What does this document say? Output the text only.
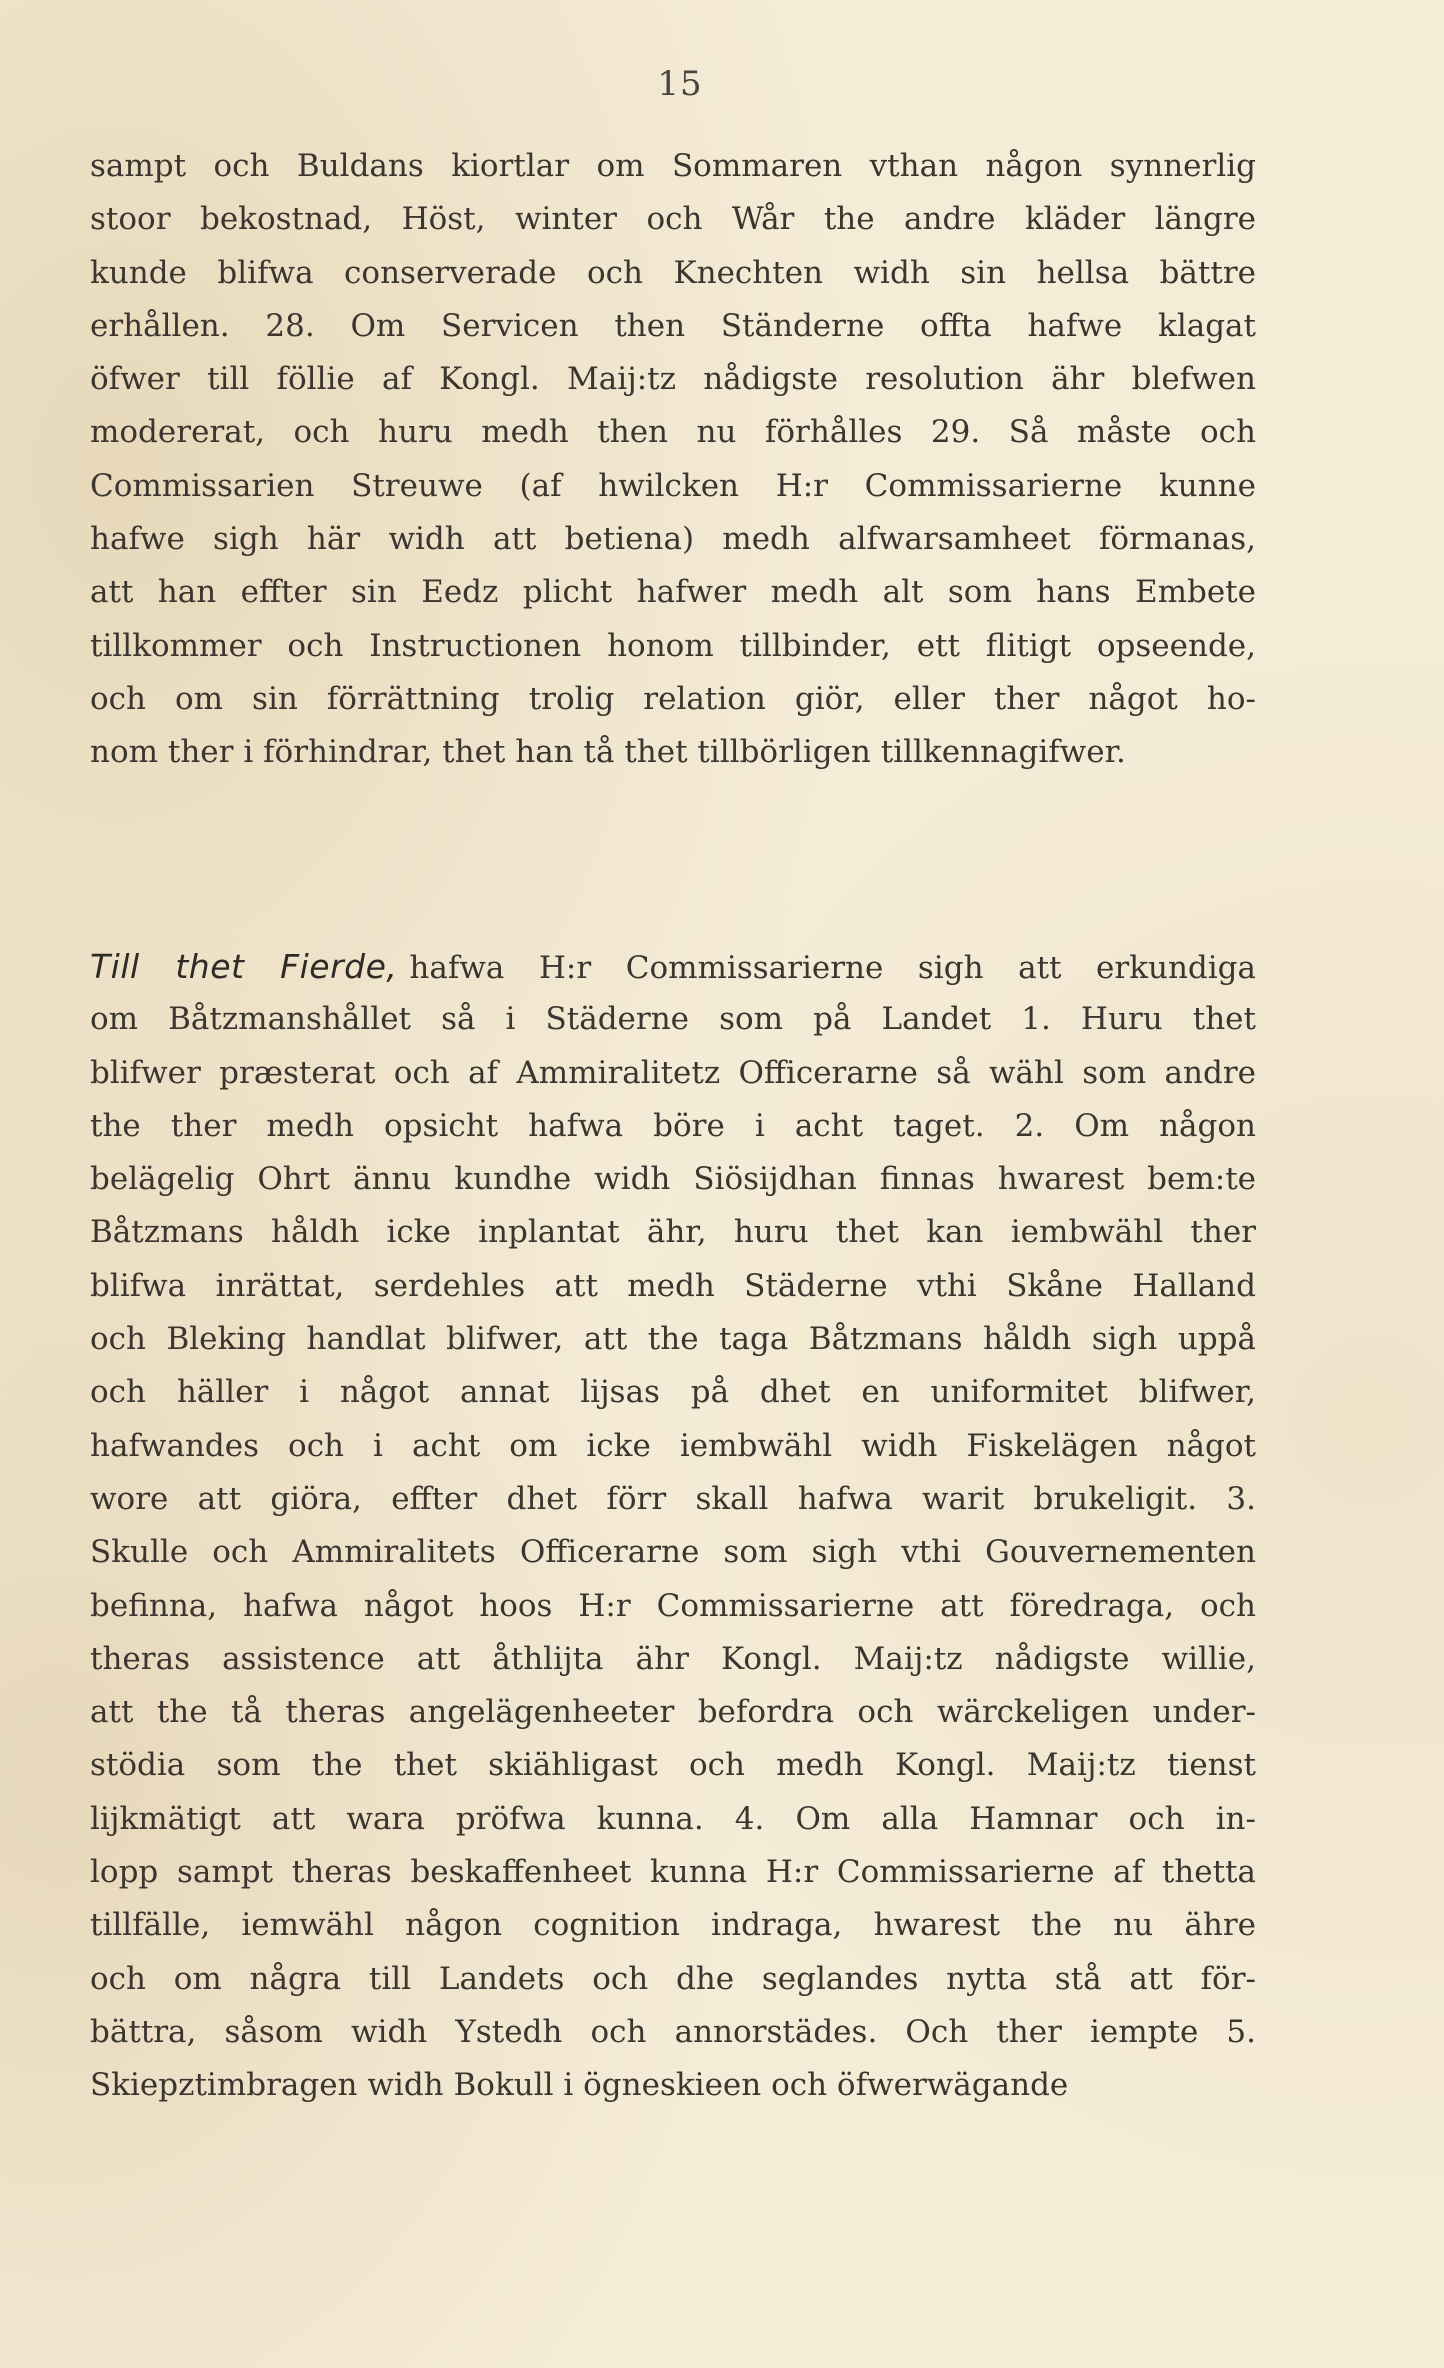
15
sampt och Buldans kiortlar om Sommaren vthan någon synnerlig
stoor bekostnad, Höst, winter och Wår the andre kläder längre
kunde blifwa conserverade och Knechten widh sin hellsa bättre
erhållen. 28. Om Servicen then Ständerne offta hafwe klagat
öfwer till föllie af Kongl. Maij:tz nådigste resolution ähr blefwen
modererat, och huru medh then nu förhålles 29. Så måste och
Commissarien Streuwe (af hwilcken H:r Commissarierne kunne
hafwe sigh här widh att betiena) medh alfwarsamheet förmanas,
att han effter sin Eedz plicht hafwer medh alt som hans Embete
tillkommer och Instructionen honom tillbinder, ett flitigt opseende,
och om sin förrättning trolig relation giör, eller ther något ho-
nom ther i förhindrar, thet han tå thet tillbörligen tillkennagifwer.
Till thet Fierde, hafwa H:r Commissarierne sigh att erkundiga
om Båtzmanshållet så i Städerne som på Landet 1. Huru thet
blifwer præsterat och af Ammiralitetz Officerarne så wähl som andre
the ther medh opsicht hafwa böre i acht taget. 2. Om någon
belägelig Ohrt ännu kundhe widh Siösijdhan finnas hwarest bem:te
Båtzmans håldh icke inplantat ähr, huru thet kan iembwähl ther
blifwa inrättat, serdehles att medh Städerne vthi Skåne Halland
och Bleking handlat blifwer, att the taga Båtzmans håldh sigh uppå
och häller i något annat lijsas på dhet en uniformitet blifwer,
hafwandes och i acht om icke iembwähl widh Fiskelägen något
wore att giöra, effter dhet förr skall hafwa warit brukeligit. 3.
Skulle och Ammiralitets Officerarne som sigh vthi Gouvernementen
befinna, hafwa något hoos H:r Commissarierne att föredraga, och
theras assistence att åthlijta ähr Kongl. Maij:tz nådigste willie,
att the tå theras angelägenheeter befordra och wärckeligen under-
stödia som the thet skiähligast och medh Kongl. Maij:tz tienst
lijkmätigt att wara pröfwa kunna. 4. Om alla Hamnar och in-
lopp sampt theras beskaffenheet kunna H:r Commissarierne af thetta
tillfälle, iemwähl någon cognition indraga, hwarest the nu ähre
och om några till Landets och dhe seglandes nytta stå att för-
bättra, såsom widh Ystedh och annorstädes. Och ther iempte 5.
Skiepztimbragen widh Bokull i ögneskieen och öfwerwägande
